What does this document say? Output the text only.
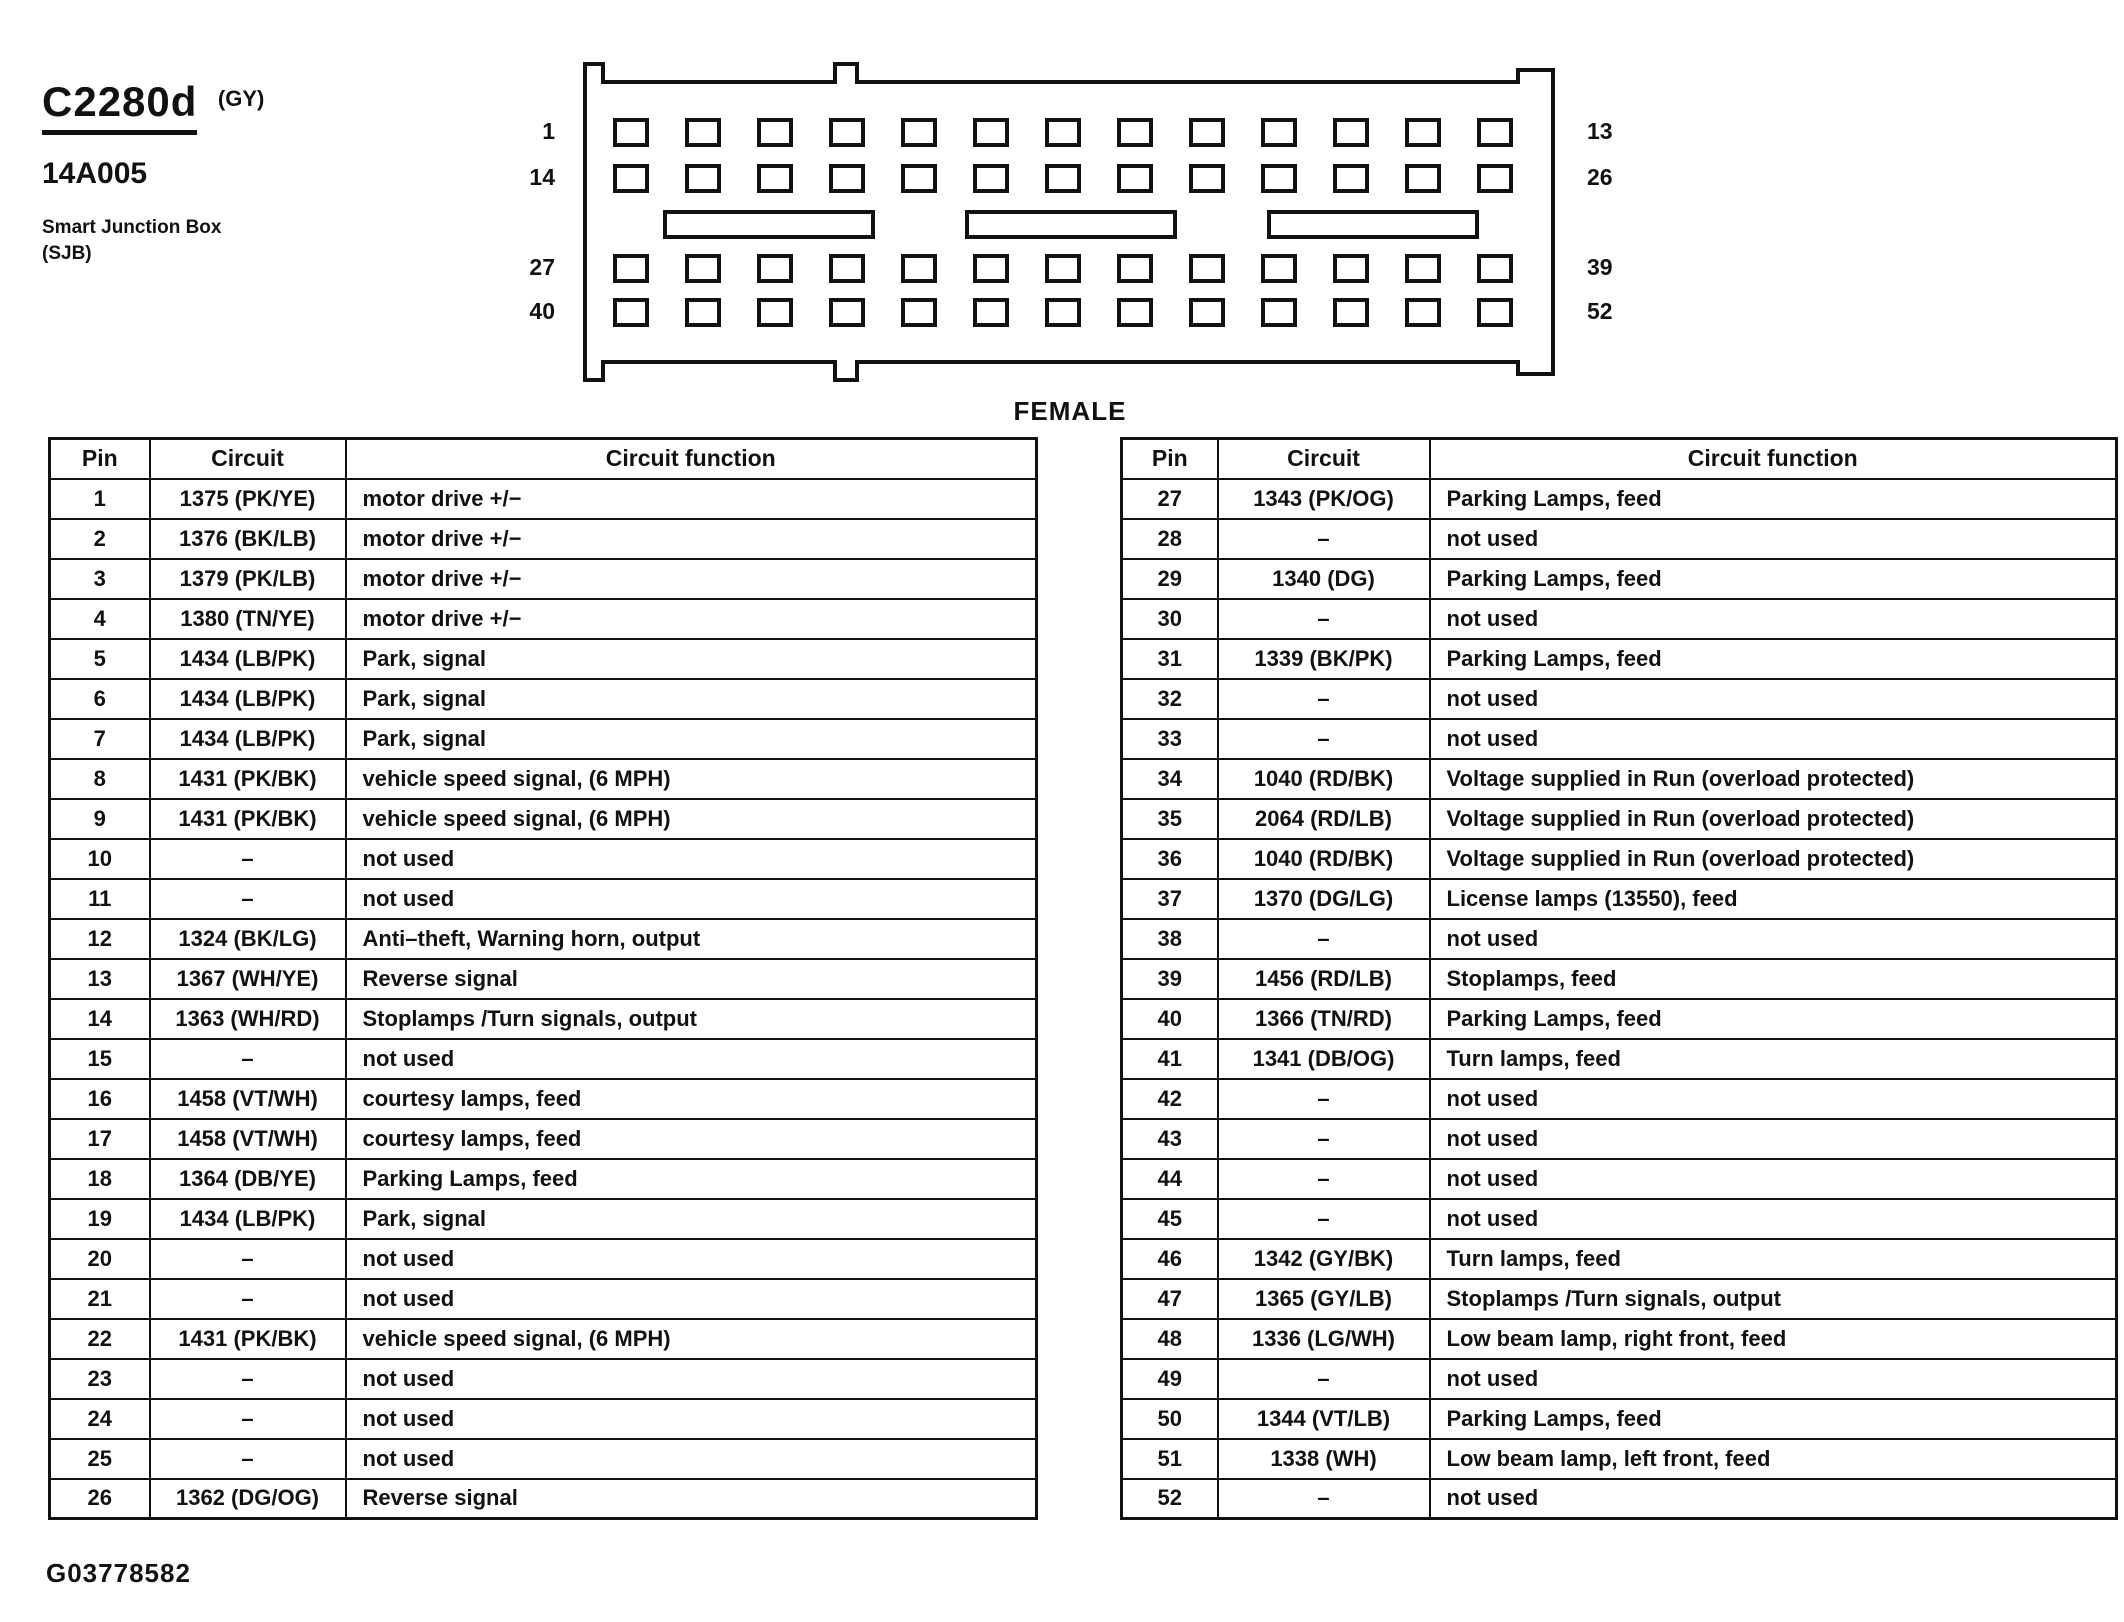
C2280d (GY)
14A005
Smart Junction Box
(SJB)
1
14
27
40
13
26
39
52
FEMALE
Pin	Circuit	Circuit function
1	1375 (PK/YE)	motor drive +/−
2	1376 (BK/LB)	motor drive +/−
3	1379 (PK/LB)	motor drive +/−
4	1380 (TN/YE)	motor drive +/−
5	1434 (LB/PK)	Park, signal
6	1434 (LB/PK)	Park, signal
7	1434 (LB/PK)	Park, signal
8	1431 (PK/BK)	vehicle speed signal, (6 MPH)
9	1431 (PK/BK)	vehicle speed signal, (6 MPH)
10	–	not used
11	–	not used
12	1324 (BK/LG)	Anti–theft, Warning horn, output
13	1367 (WH/YE)	Reverse signal
14	1363 (WH/RD)	Stoplamps /Turn signals, output
15	–	not used
16	1458 (VT/WH)	courtesy lamps, feed
17	1458 (VT/WH)	courtesy lamps, feed
18	1364 (DB/YE)	Parking Lamps, feed
19	1434 (LB/PK)	Park, signal
20	–	not used
21	–	not used
22	1431 (PK/BK)	vehicle speed signal, (6 MPH)
23	–	not used
24	–	not used
25	–	not used
26	1362 (DG/OG)	Reverse signal
Pin	Circuit	Circuit function
27	1343 (PK/OG)	Parking Lamps, feed
28	–	not used
29	1340 (DG)	Parking Lamps, feed
30	–	not used
31	1339 (BK/PK)	Parking Lamps, feed
32	–	not used
33	–	not used
34	1040 (RD/BK)	Voltage supplied in Run (overload protected)
35	2064 (RD/LB)	Voltage supplied in Run (overload protected)
36	1040 (RD/BK)	Voltage supplied in Run (overload protected)
37	1370 (DG/LG)	License lamps (13550), feed
38	–	not used
39	1456 (RD/LB)	Stoplamps, feed
40	1366 (TN/RD)	Parking Lamps, feed
41	1341 (DB/OG)	Turn lamps, feed
42	–	not used
43	–	not used
44	–	not used
45	–	not used
46	1342 (GY/BK)	Turn lamps, feed
47	1365 (GY/LB)	Stoplamps /Turn signals, output
48	1336 (LG/WH)	Low beam lamp, right front, feed
49	–	not used
50	1344 (VT/LB)	Parking Lamps, feed
51	1338 (WH)	Low beam lamp, left front, feed
52	–	not used
G03778582
